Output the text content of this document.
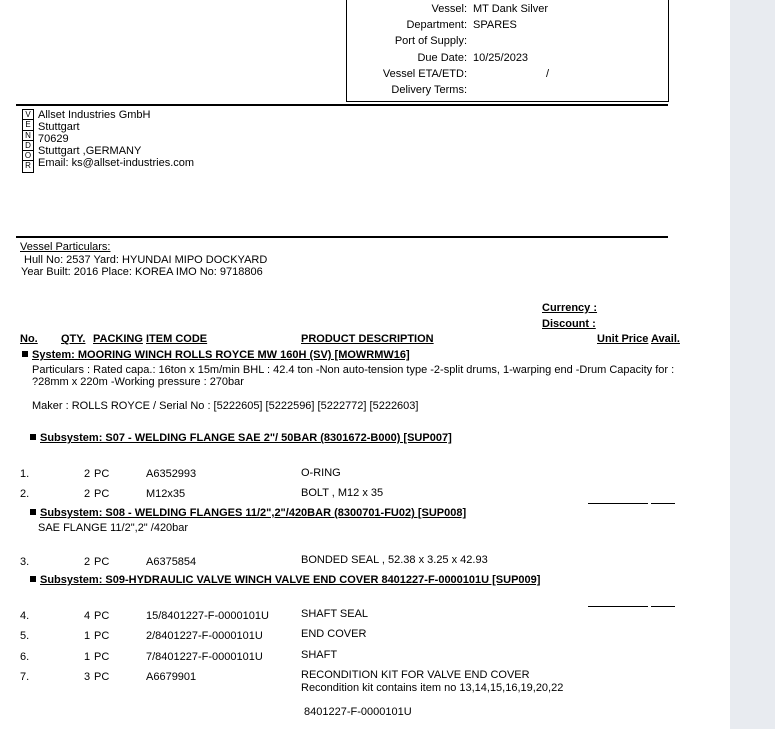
Vessel: MT Dank Silver
Department: SPARES
Port of Supply:
Due Date: 10/25/2023
Vessel ETA/ETD:	/
Delivery Terms:
V
E
N
D
O
R
Allset Industries GmbH
Stuttgart
70629
Stuttgart ,GERMANY
Email: ks@allset-industries.com
Vessel Particulars:
Hull No: 2537 Yard: HYUNDAI MIPO DOCKYARD
Year Built: 2016 Place: KOREA IMO No: 9718806
Currency :
Discount :
No. QTY. PACKING ITEM CODE	PRODUCT DESCRIPTION	Unit Price Avail.
System: MOORING WINCH ROLLS ROYCE MW 160H (SV) [MOWRMW16]
Particulars : Rated capa.: 16ton x 15m/min BHL : 42.4 ton -Non auto-tension type -2-split drums, 1-warping end -Drum Capacity for :
?28mm x 220m -Working pressure : 270bar
Maker : ROLLS ROYCE / Serial No : [5222605] [5222596] [5222772] [5222603]
Subsystem: S07 - WELDING FLANGE SAE 2"/ 50BAR (8301672-B000) [SUP007]
1.	2 PC	A6352993	O-RING
2.	2 PC	M12x35	BOLT , M12 x 35
Subsystem: S08 - WELDING FLANGES 11/2",2"/420BAR (8300701-FU02) [SUP008]
SAE FLANGE 11/2",2" /420bar
3.	2 PC	A6375854	BONDED SEAL , 52.38 x 3.25 x 42.93
Subsystem: S09-HYDRAULIC VALVE WINCH VALVE END COVER 8401227-F-0000101U [SUP009]
4.	4 PC	15/8401227-F-0000101U	SHAFT SEAL
5.	1 PC	2/8401227-F-0000101U	END COVER
6.	1 PC	7/8401227-F-0000101U	SHAFT
7.	3 PC	A6679901	RECONDITION KIT FOR VALVE END COVER
Recondition kit contains item no 13,14,15,16,19,20,22
8401227-F-0000101U
